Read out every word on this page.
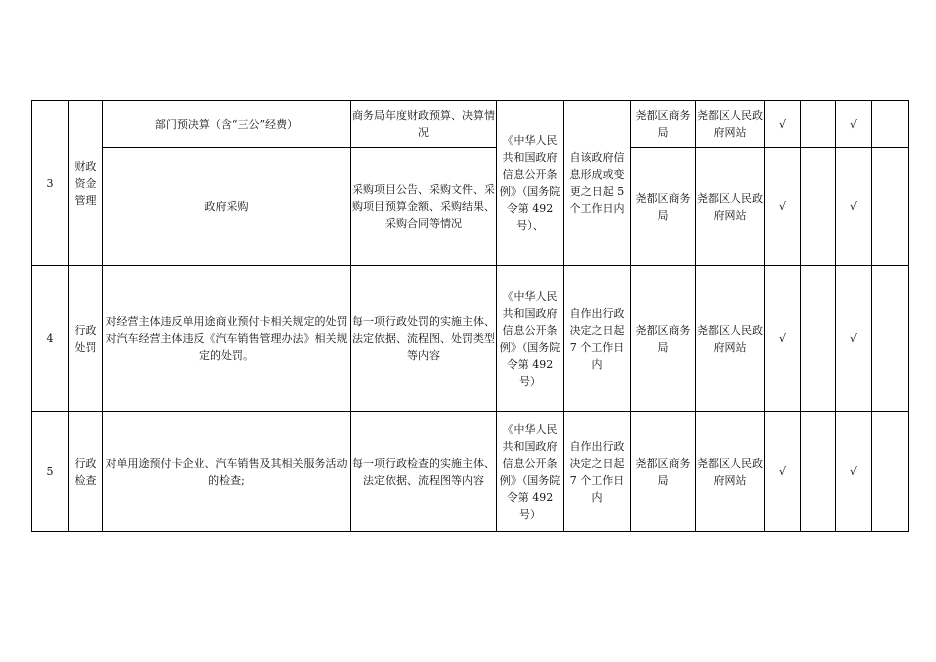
3	财政资金管理	部门预决算（含“三公”经费）	商务局年度财政预算、决算情况	《中华人民共和国政府信息公开条例》（国务院令第 492 号）、	自该政府信息形成或变更之日起 5 个工作日内	尧都区商务局	尧都区人民政府网站	√		√	
		政府采购	采购项目公告、采购文件、采购项目预算金额、采购结果、采购合同等情况			尧都区商务局	尧都区人民政府网站	√		√	
4	行政处罚	对经营主体违反单用途商业预付卡相关规定的处罚对汽车经营主体违反《汽车销售管理办法》相关规定的处罚。	每一项行政处罚的实施主体、法定依据、流程图、处罚类型等内容	《中华人民共和国政府信息公开条例》（国务院令第 492 号）	自作出行政决定之日起 7 个工作日内	尧都区商务局	尧都区人民政府网站	√		√	
5	行政检查	对单用途预付卡企业、汽车销售及其相关服务活动的检查;	每一项行政检查的实施主体、法定依据、流程图等内容	《中华人民共和国政府信息公开条例》（国务院令第 492 号）	自作出行政决定之日起 7 个工作日内	尧都区商务局	尧都区人民政府网站	√		√	
